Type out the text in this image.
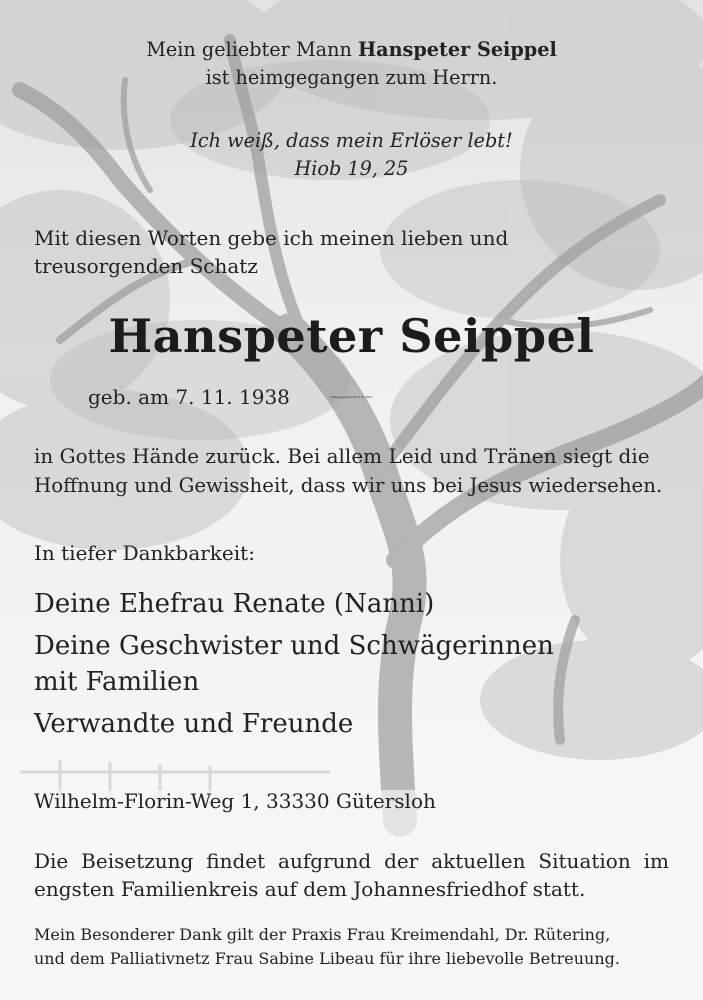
Mein geliebter Mann Hanspeter Seippel
ist heimgegangen zum Herrn.
Ich weiß, dass mein Erlöser lebt!
Hiob 19, 25
Mit diesen Worten gebe ich meinen lieben und
treusorgenden Schatz
Hanspeter Seippel
geb. am 7. 11. 1938	heimgegangen am 9. 4. 2021
in Gottes Hände zurück. Bei allem Leid und Tränen siegt die
Hoffnung und Gewissheit, dass wir uns bei Jesus wiedersehen.
In tiefer Dankbarkeit:
Deine Ehefrau Renate (Nanni)
Deine Geschwister und Schwägerinnen
mit Familien
Verwandte und Freunde
Wilhelm-Florin-Weg 1, 33330 Gütersloh
Die Beisetzung findet aufgrund der aktuellen Situation im
engsten Familienkreis auf dem Johannesfriedhof statt.
Mein Besonderer Dank gilt der Praxis Frau Kreimendahl, Dr. Rütering,
und dem Palliativnetz Frau Sabine Libeau für ihre liebevolle Betreuung.
